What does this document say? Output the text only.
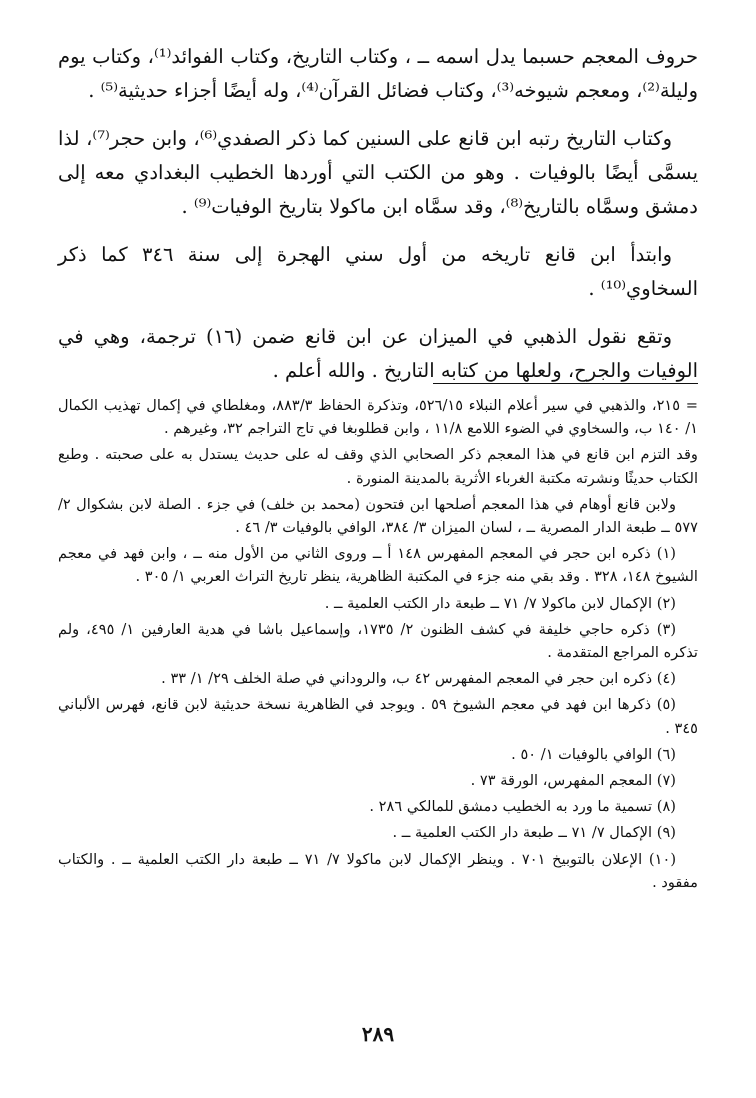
حروف المعجم حسبما يدل اسمه ــ ، وكتاب التاريخ، وكتاب الفوائد⁽¹⁾، وكتاب يوم وليلة⁽²⁾، ومعجم شيوخه⁽³⁾، وكتاب فضائل القرآن⁽⁴⁾، وله أيضًا أجزاء حديثية⁽⁵⁾ .

وكتاب التاريخ رتبه ابن قانع على السنين كما ذكر الصفدي⁽⁶⁾، وابن حجر⁽⁷⁾، لذا يسمَّى أيضًا بالوفيات . وهو من الكتب التي أوردها الخطيب البغدادي معه إلى دمشق وسمَّاه بالتاريخ⁽⁸⁾، وقد سمَّاه ابن ماكولا بتاريخ الوفيات⁽⁹⁾ .

وابتدأ ابن قانع تاريخه من أول سني الهجرة إلى سنة ٣٤٦ كما ذكر السخاوي⁽¹⁰⁾ .

وتقع نقول الذهبي في الميزان عن ابن قانع ضمن (١٦) ترجمة، وهي في الوفيات والجرح، ولعلها من كتابه التاريخ . والله أعلم .

= ٢١٥، والذهبي في سير أعلام النبلاء ٥٢٦/١٥، وتذكرة الحفاظ ٨٨٣/٣، ومغلطاي في إكمال تهذيب الكمال ١/ ١٤٠ ب، والسخاوي في الضوء اللامع ١١/٨ ، وابن قطلوبغا في تاج التراجم ٣٢، وغيرهم .

وقد التزم ابن قانع في هذا المعجم ذكر الصحابي الذي وقف له على حديث يستدل به على صحبته . وطبع الكتاب حديثًا ونشرته مكتبة الغرباء الأثرية بالمدينة المنورة .

ولابن قانع أوهام في هذا المعجم أصلحها ابن فتحون (محمد بن خلف) في جزء . الصلة لابن بشكوال ٢/ ٥٧٧ ــ طبعة الدار المصرية ــ ، لسان الميزان ٣/ ٣٨٤، الوافي بالوفيات ٣/ ٤٦ .

(١) ذكره ابن حجر في المعجم المفهرس ١٤٨ أ ــ وروى الثاني من الأول منه ــ ، وابن فهد في معجم الشيوخ ١٤٨، ٣٢٨ . وقد بقي منه جزء في المكتبة الظاهرية، ينظر تاريخ التراث العربي ١/ ٣٠٥ .

(٢) الإكمال لابن ماكولا ٧/ ٧١ ــ طبعة دار الكتب العلمية ــ .

(٣) ذكره حاجي خليفة في كشف الظنون ٢/ ١٧٣٥، وإسماعيل باشا في هدية العارفين ١/ ٤٩٥، ولم تذكره المراجع المتقدمة .

(٤) ذكره ابن حجر في المعجم المفهرس ٤٢ ب، والروداني في صلة الخلف ٢٩/ ١/ ٣٣ .

(٥) ذكرها ابن فهد في معجم الشيوخ ٥٩ . ويوجد في الظاهرية نسخة حديثية لابن قانع، فهرس الألباني ٣٤٥ .

(٦) الوافي بالوفيات ١/ ٥٠ .

(٧) المعجم المفهرس، الورقة ٧٣ .

(٨) تسمية ما ورد به الخطيب دمشق للمالكي ٢٨٦ .

(٩) الإكمال ٧/ ٧١ ــ طبعة دار الكتب العلمية ــ .

(١٠) الإعلان بالتوبيخ ٧٠١ . وينظر الإكمال لابن ماكولا ٧/ ٧١ ــ طبعة دار الكتب العلمية ــ . والكتاب مفقود .

٢٨٩
